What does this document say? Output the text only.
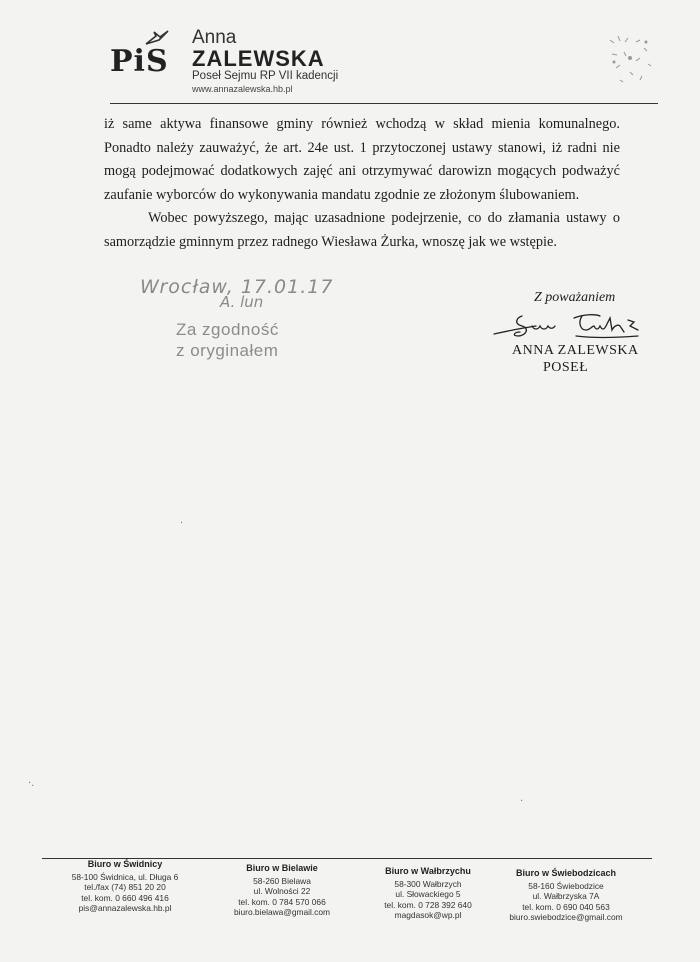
PiS
Anna
ZALEWSKA
Poseł Sejmu RP VII kadencji
www.annazalewska.hb.pl

iż same aktywa finansowe gminy również wchodzą w skład mienia komunalnego. Ponadto należy zauważyć, że art. 24e ust. 1 przytoczonej ustawy stanowi, iż radni nie mogą podejmować dodatkowych zajęć ani otrzymywać darowizn mogących podważyć zaufanie wyborców do wykonywania mandatu zgodnie ze złożonym ślubowaniem.

Wobec powyższego, mając uzasadnione podejrzenie, co do złamania ustawy o samorządzie gminnym przez radnego Wiesława Żurka, wnoszę jak we wstępie.

Wrocław, 17.01.17
A. lun
Za zgodność
z oryginałem
Z poważaniem
ANNA ZALEWSKA
POSEŁ
·
·.
·
Biuro w Świdnicy
58-100 Świdnica, ul. Długa 6
tel./fax (74) 851 20 20
tel. kom. 0 660 496 416
pis@annazalewska.hb.pl
Biuro w Bielawie
58-260 Bielawa
ul. Wolności 22
tel. kom. 0 784 570 066
biuro.bielawa@gmail.com
Biuro w Wałbrzychu
58-300 Wałbrzych
ul. Słowackiego 5
tel. kom. 0 728 392 640
magdasok@wp.pl
Biuro w Świebodzicach
58-160 Świebodzice
ul. Wałbrzyska 7A
tel. kom. 0 690 040 563
biuro.swiebodzice@gmail.com
